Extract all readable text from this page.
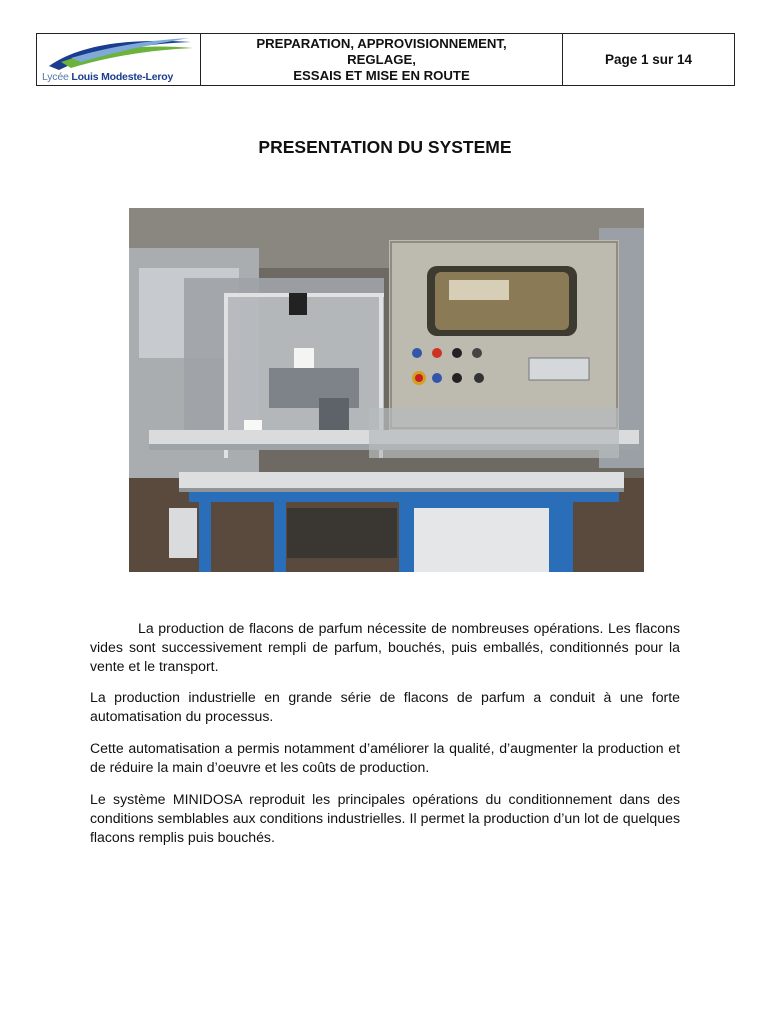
Lycée Louis Modeste-Leroy
PREPARATION, APPROVISIONNEMENT,
REGLAGE,
ESSAIS ET MISE EN ROUTE
Page 1 sur 14
PRESENTATION DU SYSTEME
La production de flacons de parfum nécessite de nombreuses opérations. Les flacons vides sont successivement rempli de parfum, bouchés, puis emballés, conditionnés pour la vente et le transport.
La production industrielle en grande série de flacons de parfum a conduit à une forte automatisation du processus.
Cette automatisation a permis notamment d’améliorer la qualité, d’augmenter la production et de réduire la main d’oeuvre et les coûts de production.
Le système MINIDOSA reproduit les principales opérations du conditionnement dans des conditions semblables aux conditions industrielles. Il permet la production d’un lot de quelques flacons remplis puis bouchés.
